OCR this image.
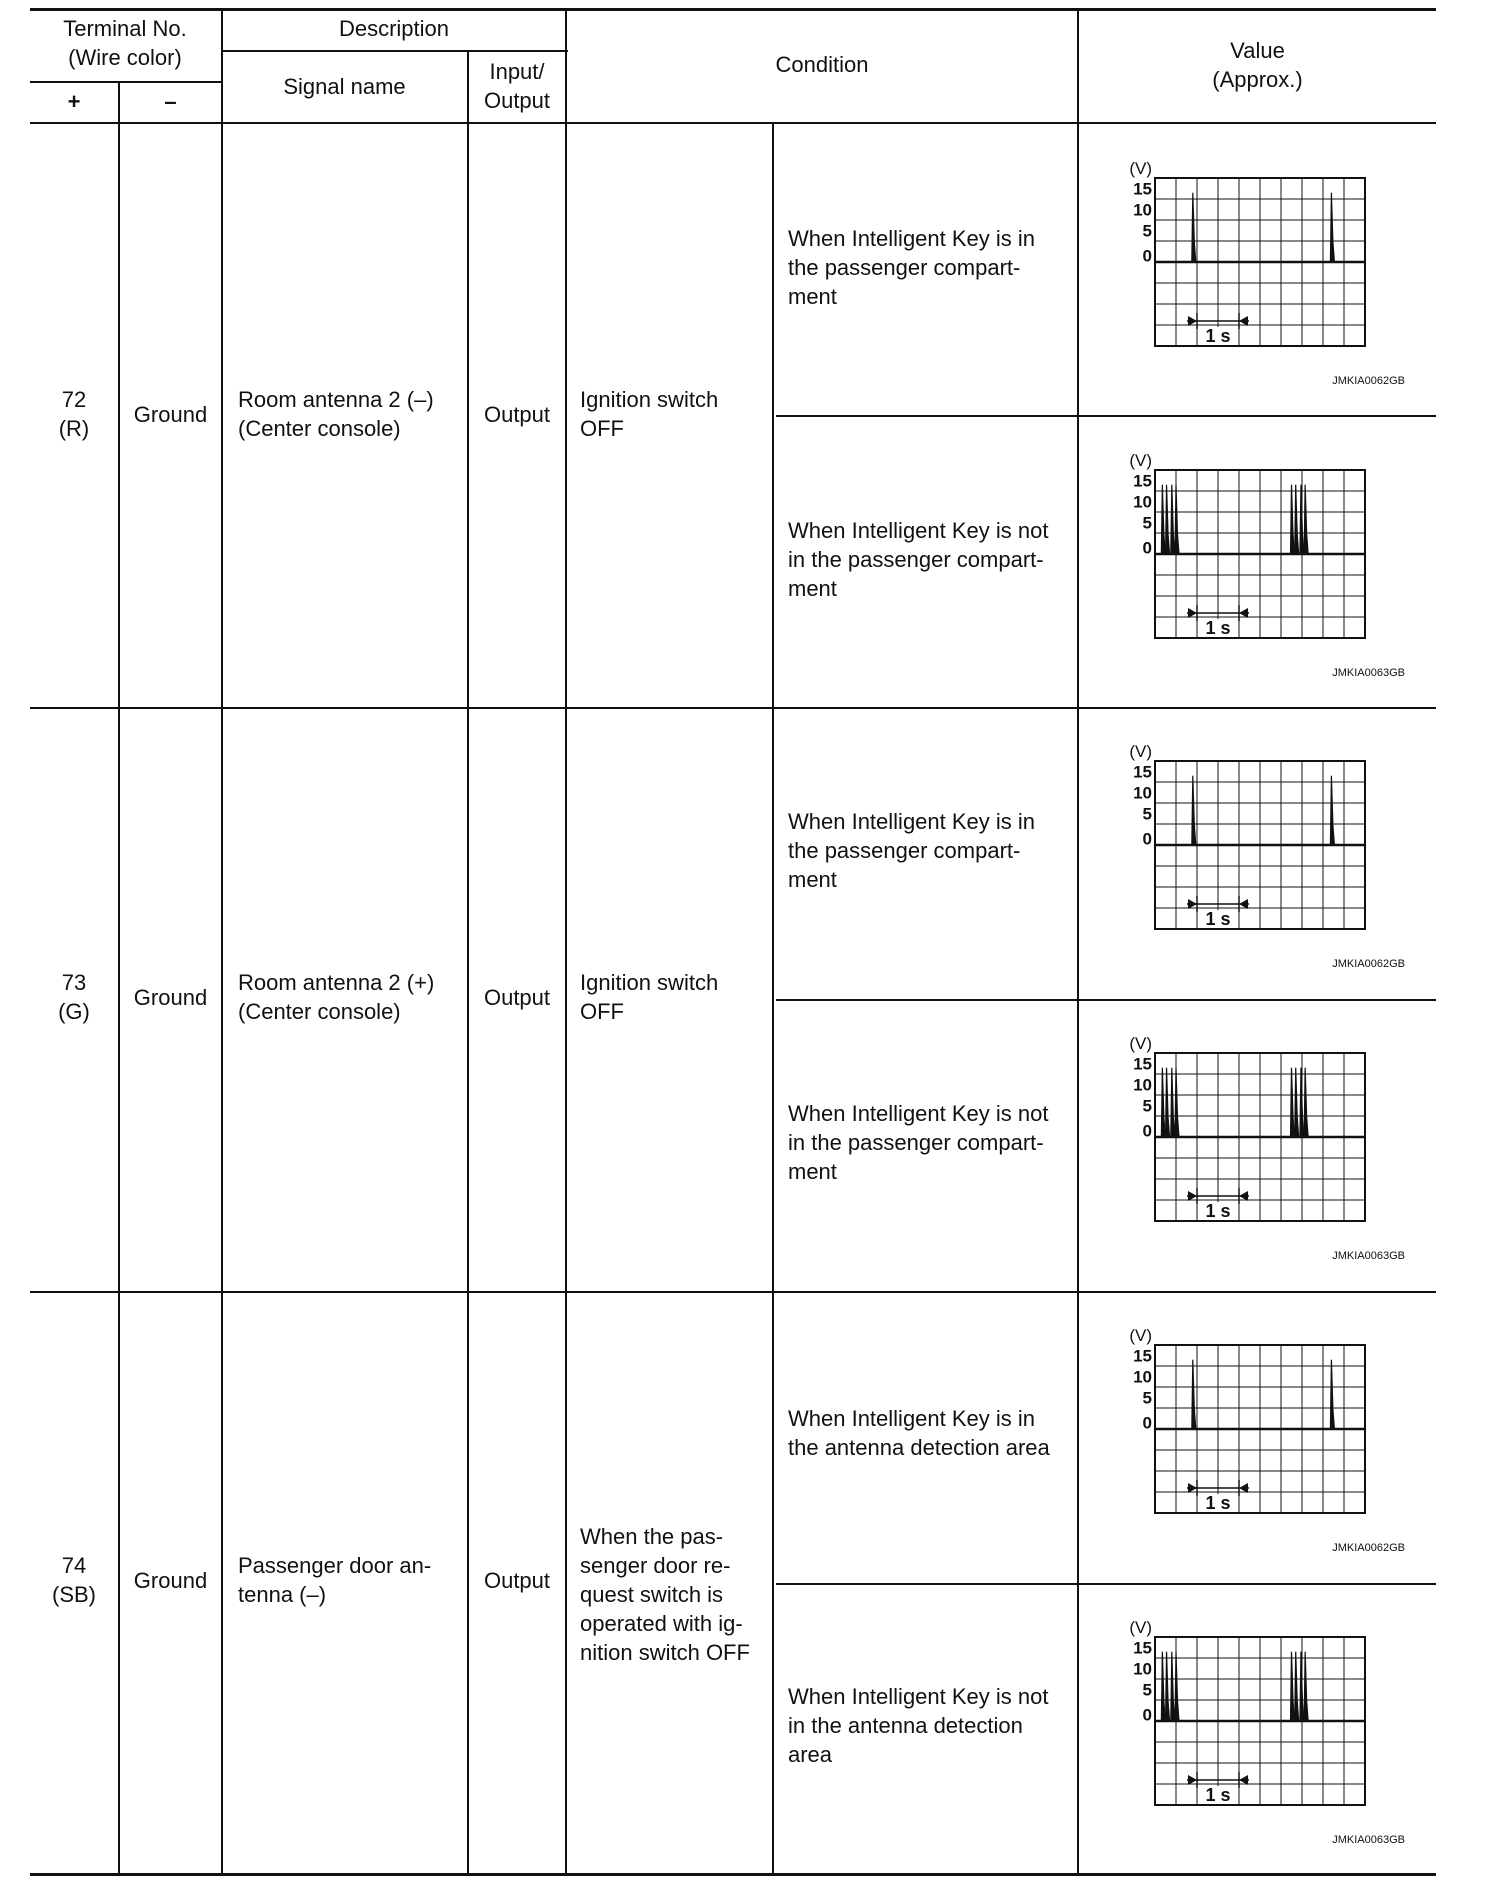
Terminal No.
(Wire color)
+	–
Description
Signal name
Input/
Output
Condition
Value
(Approx.)
72
(R)
Ground
Room antenna 2 (–)
(Center console)
Output
Ignition switch
OFF
When Intelligent Key is in
the passenger compart-
ment
When Intelligent Key is not
in the passenger compart-
ment
73
(G)
Ground
Room antenna 2 (+)
(Center console)
Output
Ignition switch
OFF
When Intelligent Key is in
the passenger compart-
ment
When Intelligent Key is not
in the passenger compart-
ment
74
(SB)
Ground
Passenger door an-
tenna (–)
Output
When the pas-
senger door re-
quest switch is
operated with ig-
nition switch OFF
When Intelligent Key is in
the antenna detection area
When Intelligent Key is not
in the antenna detection
area
(V)
15
10
5
0
1 s
JMKIA0062GB
(V)
15
10
5
0
1 s
JMKIA0063GB
(V)
15
10
5
0
1 s
JMKIA0062GB
(V)
15
10
5
0
1 s
JMKIA0063GB
(V)
15
10
5
0
1 s
JMKIA0062GB
(V)
15
10
5
0
1 s
JMKIA0063GB
